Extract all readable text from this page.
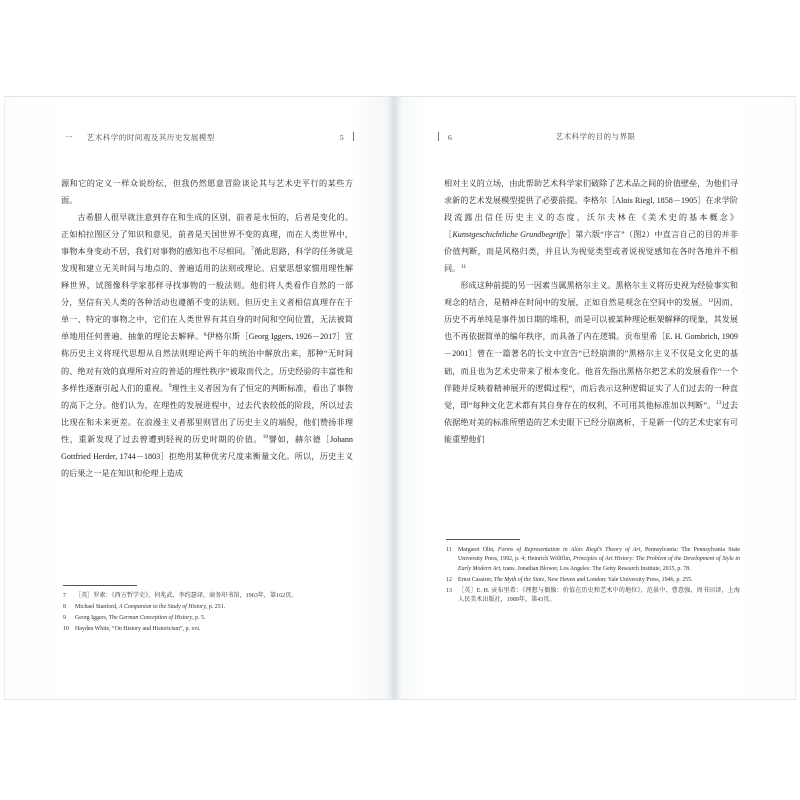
一 艺术科学的时间观及其历史发展模型	5

源和它的定义一样众说纷纭，但我仍然愿意冒险谈论其与艺术史平行的某些方面。

古希腊人很早就注意到存在和生成的区别，前者是永恒的，后者是变化的。正如柏拉图区分了知识和意见，前者是天国世界不变的真理，而在人类世界中，事物本身变动不居，我们对事物的感知也不尽相同。$^7$循此思路，科学的任务就是发现和建立无关时间与地点的、普遍适用的法则或理论。启蒙思想家惯用理性解释世界，试图像科学家那样寻找事物的一般法则。他们将人类看作自然的一部分，坚信有关人类的各种活动也遵循不变的法则。但历史主义者相信真理存在于单一、特定的事物之中，它们在人类世界有其自身的时间和空间位置，无法被简单地用任何普遍、抽象的理论去解释。$^8$伊格尔斯［Georg Iggers, 1926－2017］宣称历史主义将现代思想从自然法则理论两千年的统治中解放出来，那种“无时间的、绝对有效的真理所对应的普适的理性秩序”被取而代之，历史经验的丰富性和多样性逐渐引起人们的重视。$^9$理性主义者因为有了恒定的判断标准，看出了事物的高下之分。他们认为，在理性的发展进程中，过去代表较低的阶段，所以过去比现在和未来更差。在浪漫主义者那里则冒出了历史主义的端倪，他们赞扬非理性，重新发现了过去曾遭到轻视的历史时期的价值。$^{10}$譬如，赫尔德［Johann Gottfried Herder, 1744－1803］拒绝用某种优劣尺度来衡量文化。所以，历史主义的后果之一是在知识和伦理上造成

7	［英］罗素：《西方哲学史》，何兆武、李约瑟译，商务印书馆，1963年，第162页。
8	Michael Stanford, A Companion to the Study of History, p. 251.
9	Georg Iggers, The German Conception of History, p. 5.
10	Hayden White, “On History and Historicism”, p. xvi.
6	艺术科学的目的与界限

相对主义的立场，由此帮助艺术科学家们破除了艺术品之间的价值壁垒，为他们寻求新的艺术发展模型提供了必要前提。李格尔［Alois Riegl, 1858－1905］在求学阶段流露出信任历史主义的态度，沃尔夫林在《美术史的基本概念》［Kunstgeschichtliche Grundbegriffe］第六版“序言”（图2）中直言自己的目的并非价值判断，而是风格归类，并且认为视觉类型或者说视觉感知在各时各地并不相同。$^{11}$

形成这种前提的另一因素当属黑格尔主义。黑格尔主义将历史视为经验事实和观念的结合，是精神在时间中的发展，正如自然是观念在空间中的发展。$^{12}$因而，历史不再单纯是事件加日期的堆积，而是可以被某种理论框架解释的现象，其发展也不再依据简单的编年秩序，而具备了内在逻辑。贡布里希［E. H. Gombrich, 1909－2001］曾在一篇著名的长文中宣告“已经崩溃的”黑格尔主义不仅是文化史的基础，而且也为艺术史带来了根本变化。他首先指出黑格尔把艺术的发展看作“一个伴随并反映着精神展开的逻辑过程”，而后表示这种逻辑证实了人们过去的一种直觉，即“每种文化艺术都有其自身存在的权利，不可用其他标准加以判断”。$^{13}$过去依据绝对美的标准所塑造的艺术史眼下已经分崩离析，于是新一代的艺术史家有可能重塑他们

11	Margaret Olin, Forms of Representation in Alois Riegl’s Theory of Art, Pennsylvania: The Pennsylvania State University Press, 1992, p. 4; Heinrich Wölfflin, Principles of Art History: The Problem of the Development of Style in Early Modern Art, trans. Jonathan Blower, Los Angeles: The Getty Research Institute, 2015, p. 78.
12	Ernst Cassirer, The Myth of the State, New Haven and London: Yale University Press, 1946, p. 255.
13	［英］E. H. 贡布里希：《理想与偶像：价值在历史和艺术中的地位》，范景中、曹意强、周书田译，上海人民美术出版社，1989年，第43页。
